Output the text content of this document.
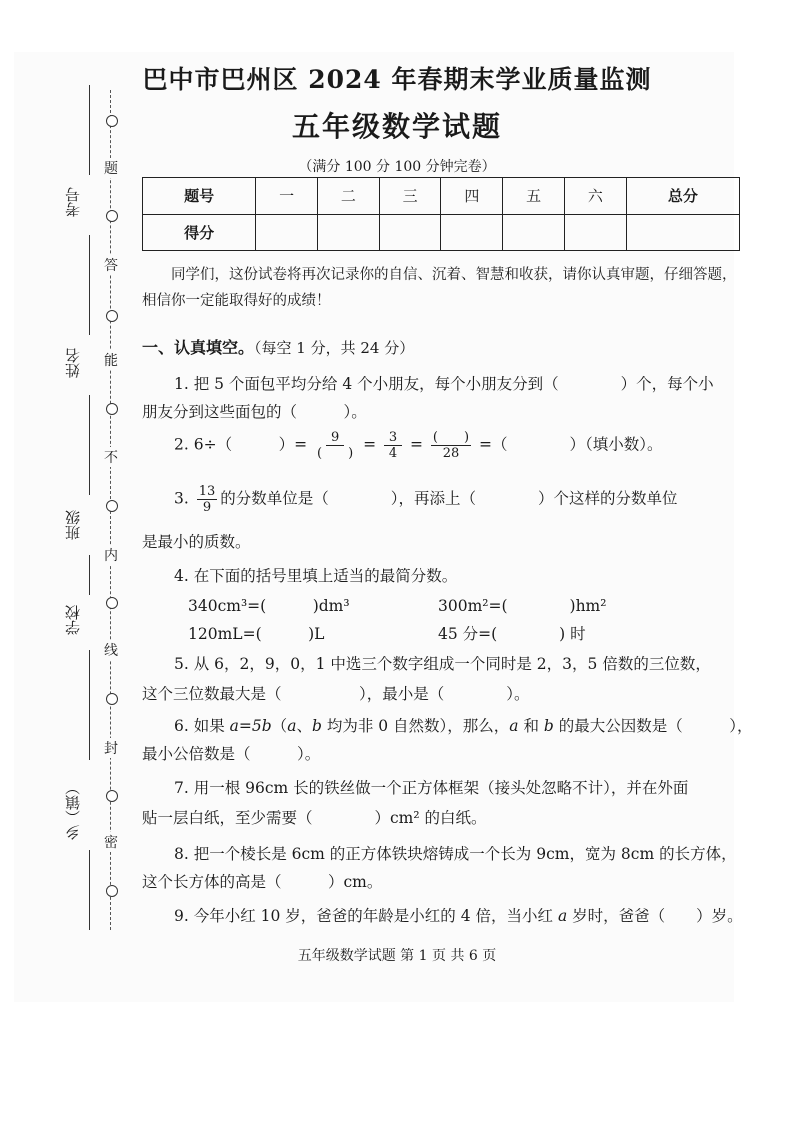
题
答
能
不
内
线
封
密
考号
姓名
班级
学校
乡（镇）
巴中市巴州区 2024 年春期末学业质量监测
五年级数学试题
（满分 100 分 100 分钟完卷）
题号	一	二	三	四	五	六	总分
得分							
同学们，这份试卷将再次记录你的自信、沉着、智慧和收获，请你认真审题，仔细答题，相信你一定能取得好的成绩！
一、认真填空。（每空 1 分，共 24 分）
1. 把 5 个面包平均分给 4 个小朋友，每个小朋友分到（　　　　）个，每个小
朋友分到这些面包的（　　　）。
2. 6÷（　　　）= $\frac{9}{( )} = \frac{3}{4} = \frac{( )}{28}$ =（　　　　）（填小数）。
3. $\frac{13}{9}$ 的分数单位是（　　　　），再添上（　　　　）个这样的分数单位
是最小的质数。
4. 在下面的括号里填上适当的最简分数。
340cm³=(　　　)dm³	300m²=(　　　　)hm²
120mL=(　　　)L	45 分=(　　　　) 时
5. 从 6，2，9，0，1 中选三个数字组成一个同时是 2，3，5 倍数的三位数，
这个三位数最大是（　　　　　），最小是（　　　　）。
6. 如果 a=5b（a、b 均为非 0 自然数），那么，a 和 b 的最大公因数是（　　　），
最小公倍数是（　　　）。
7. 用一根 96cm 长的铁丝做一个正方体框架（接头处忽略不计），并在外面
贴一层白纸，至少需要（　　　　）cm² 的白纸。
8. 把一个棱长是 6cm 的正方体铁块熔铸成一个长为 9cm，宽为 8cm 的长方体，
这个长方体的高是（　　　）cm。
9. 今年小红 10 岁，爸爸的年龄是小红的 4 倍，当小红 a 岁时，爸爸（　　）岁。
五年级数学试题 第 1 页 共 6 页
